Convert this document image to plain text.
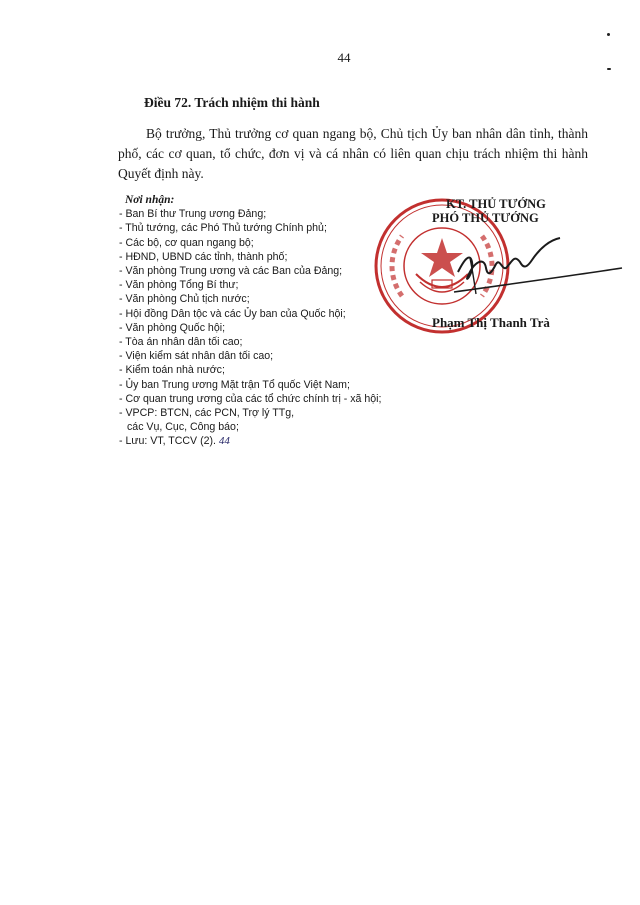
44
Điều 72. Trách nhiệm thi hành
Bộ trưởng, Thủ trưởng cơ quan ngang bộ, Chủ tịch Ủy ban nhân dân tỉnh, thành phố, các cơ quan, tổ chức, đơn vị và cá nhân có liên quan chịu trách nhiệm thi hành Quyết định này.
Nơi nhận:
- Ban Bí thư Trung ương Đảng;
- Thủ tướng, các Phó Thủ tướng Chính phủ;
- Các bộ, cơ quan ngang bộ;
- HĐND, UBND các tỉnh, thành phố;
- Văn phòng Trung ương và các Ban của Đảng;
- Văn phòng Tổng Bí thư;
- Văn phòng Chủ tịch nước;
- Hội đồng Dân tộc và các Ủy ban của Quốc hội;
- Văn phòng Quốc hội;
- Tòa án nhân dân tối cao;
- Viện kiểm sát nhân dân tối cao;
- Kiểm toán nhà nước;
- Ủy ban Trung ương Mặt trận Tổ quốc Việt Nam;
- Cơ quan trung ương của các tổ chức chính trị - xã hội;
- VPCP: BTCN, các PCN, Trợ lý TTg,
các Vụ, Cục, Công báo;
- Lưu: VT, TCCV (2). 44
KT. THỦ TƯỚNG
PHÓ THỦ TƯỚNG
Phạm Thị Thanh Trà
